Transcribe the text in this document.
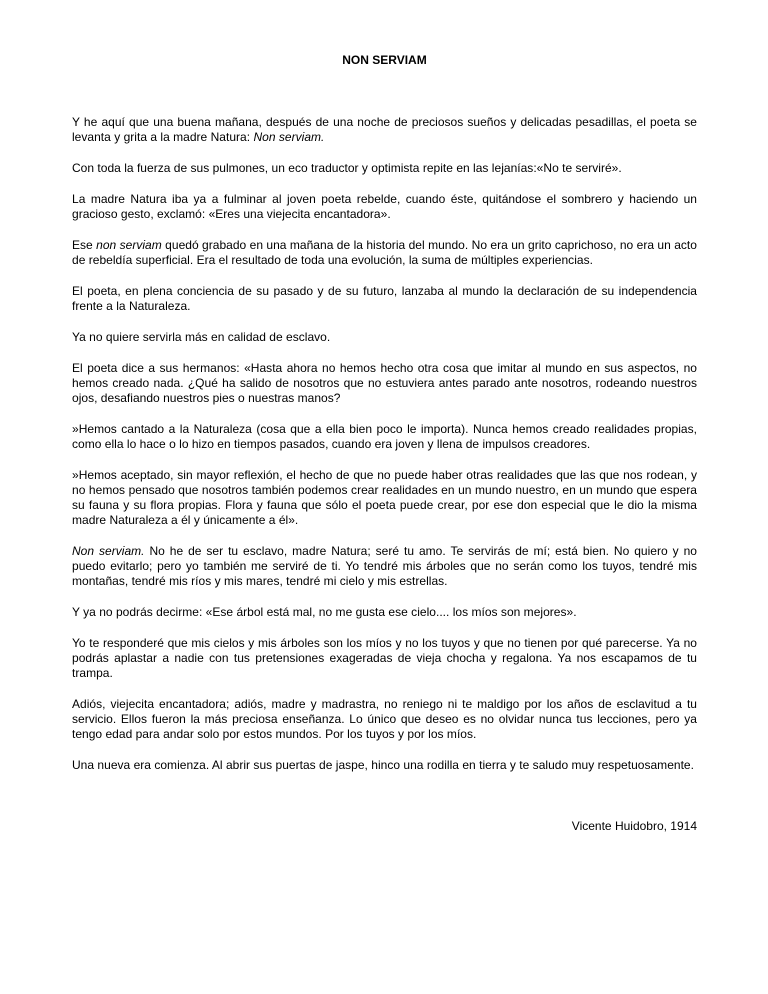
NON SERVIAM

Y he aquí que una buena mañana, después de una noche de preciosos sueños y delicadas pesadillas, el poeta se levanta y grita a la madre Natura: Non serviam.

Con toda la fuerza de sus pulmones, un eco traductor y optimista repite en las lejanías:«No te serviré».

La madre Natura iba ya a fulminar al joven poeta rebelde, cuando éste, quitándose el sombrero y haciendo un gracioso gesto, exclamó: «Eres una viejecita encantadora».

Ese non serviam quedó grabado en una mañana de la historia del mundo. No era un grito caprichoso, no era un acto de rebeldía superficial. Era el resultado de toda una evolución, la suma de múltiples experiencias.

El poeta, en plena conciencia de su pasado y de su futuro, lanzaba al mundo la declaración de su independencia frente a la Naturaleza.

Ya no quiere servirla más en calidad de esclavo.

El poeta dice a sus hermanos: «Hasta ahora no hemos hecho otra cosa que imitar al mundo en sus aspectos, no hemos creado nada. ¿Qué ha salido de nosotros que no estuviera antes parado ante nosotros, rodeando nuestros ojos, desafiando nuestros pies o nuestras manos?

»Hemos cantado a la Naturaleza (cosa que a ella bien poco le importa). Nunca hemos creado realidades propias, como ella lo hace o lo hizo en tiempos pasados, cuando era joven y llena de impulsos creadores.

»Hemos aceptado, sin mayor reflexión, el hecho de que no puede haber otras realidades que las que nos rodean, y no hemos pensado que nosotros también podemos crear realidades en un mundo nuestro, en un mundo que espera su fauna y su flora propias. Flora y fauna que sólo el poeta puede crear, por ese don especial que le dio la misma madre Naturaleza a él y únicamente a él».

Non serviam. No he de ser tu esclavo, madre Natura; seré tu amo. Te servirás de mí; está bien. No quiero y no puedo evitarlo; pero yo también me serviré de ti. Yo tendré mis árboles que no serán como los tuyos, tendré mis montañas, tendré mis ríos y mis mares, tendré mi cielo y mis estrellas.

Y ya no podrás decirme: «Ese árbol está mal, no me gusta ese cielo.... los míos son mejores».

Yo te responderé que mis cielos y mis árboles son los míos y no los tuyos y que no tienen por qué parecerse. Ya no podrás aplastar a nadie con tus pretensiones exageradas de vieja chocha y regalona. Ya nos escapamos de tu trampa.

Adiós, viejecita encantadora; adiós, madre y madrastra, no reniego ni te maldigo por los años de esclavitud a tu servicio. Ellos fueron la más preciosa enseñanza. Lo único que deseo es no olvidar nunca tus lecciones, pero ya tengo edad para andar solo por estos mundos. Por los tuyos y por los míos.

Una nueva era comienza. Al abrir sus puertas de jaspe, hinco una rodilla en tierra y te saludo muy respetuosamente.

Vicente Huidobro, 1914
